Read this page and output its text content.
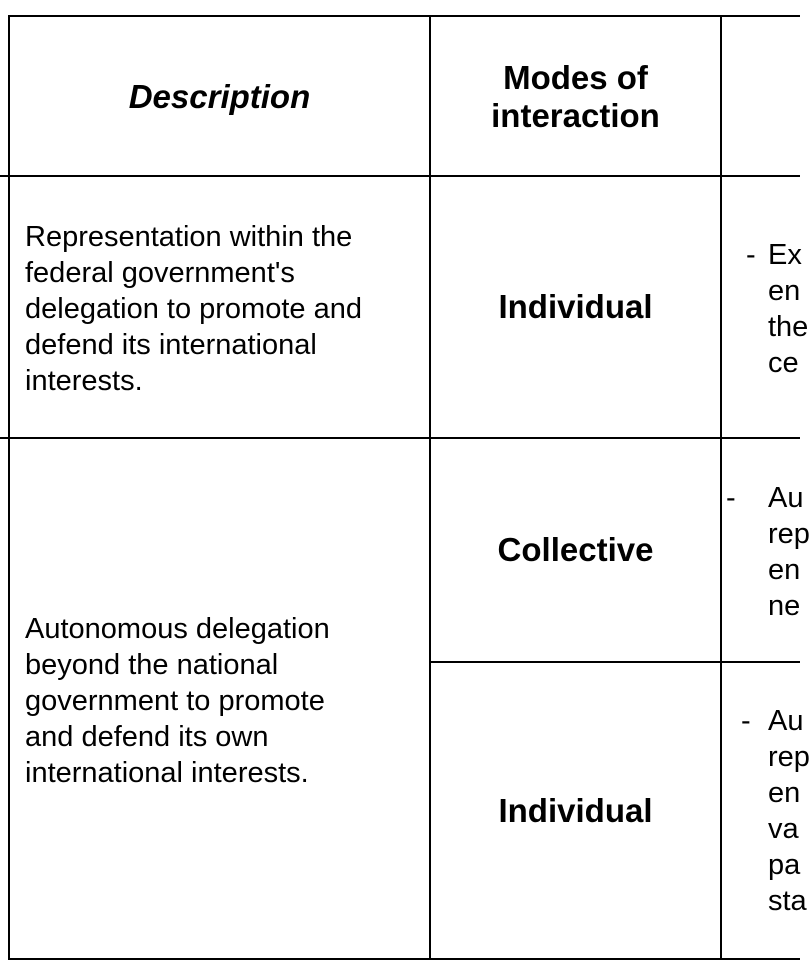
Description
Modes of
interaction
Representation within the
federal government's
delegation to promote and
defend its international
interests.
Individual
- Ex
en
the
ce
Autonomous delegation
beyond the national
government to promote
and defend its own
international interests.
Collective
Individual
- Au
rep
en
ne
- Au
rep
en
va
pa
sta
